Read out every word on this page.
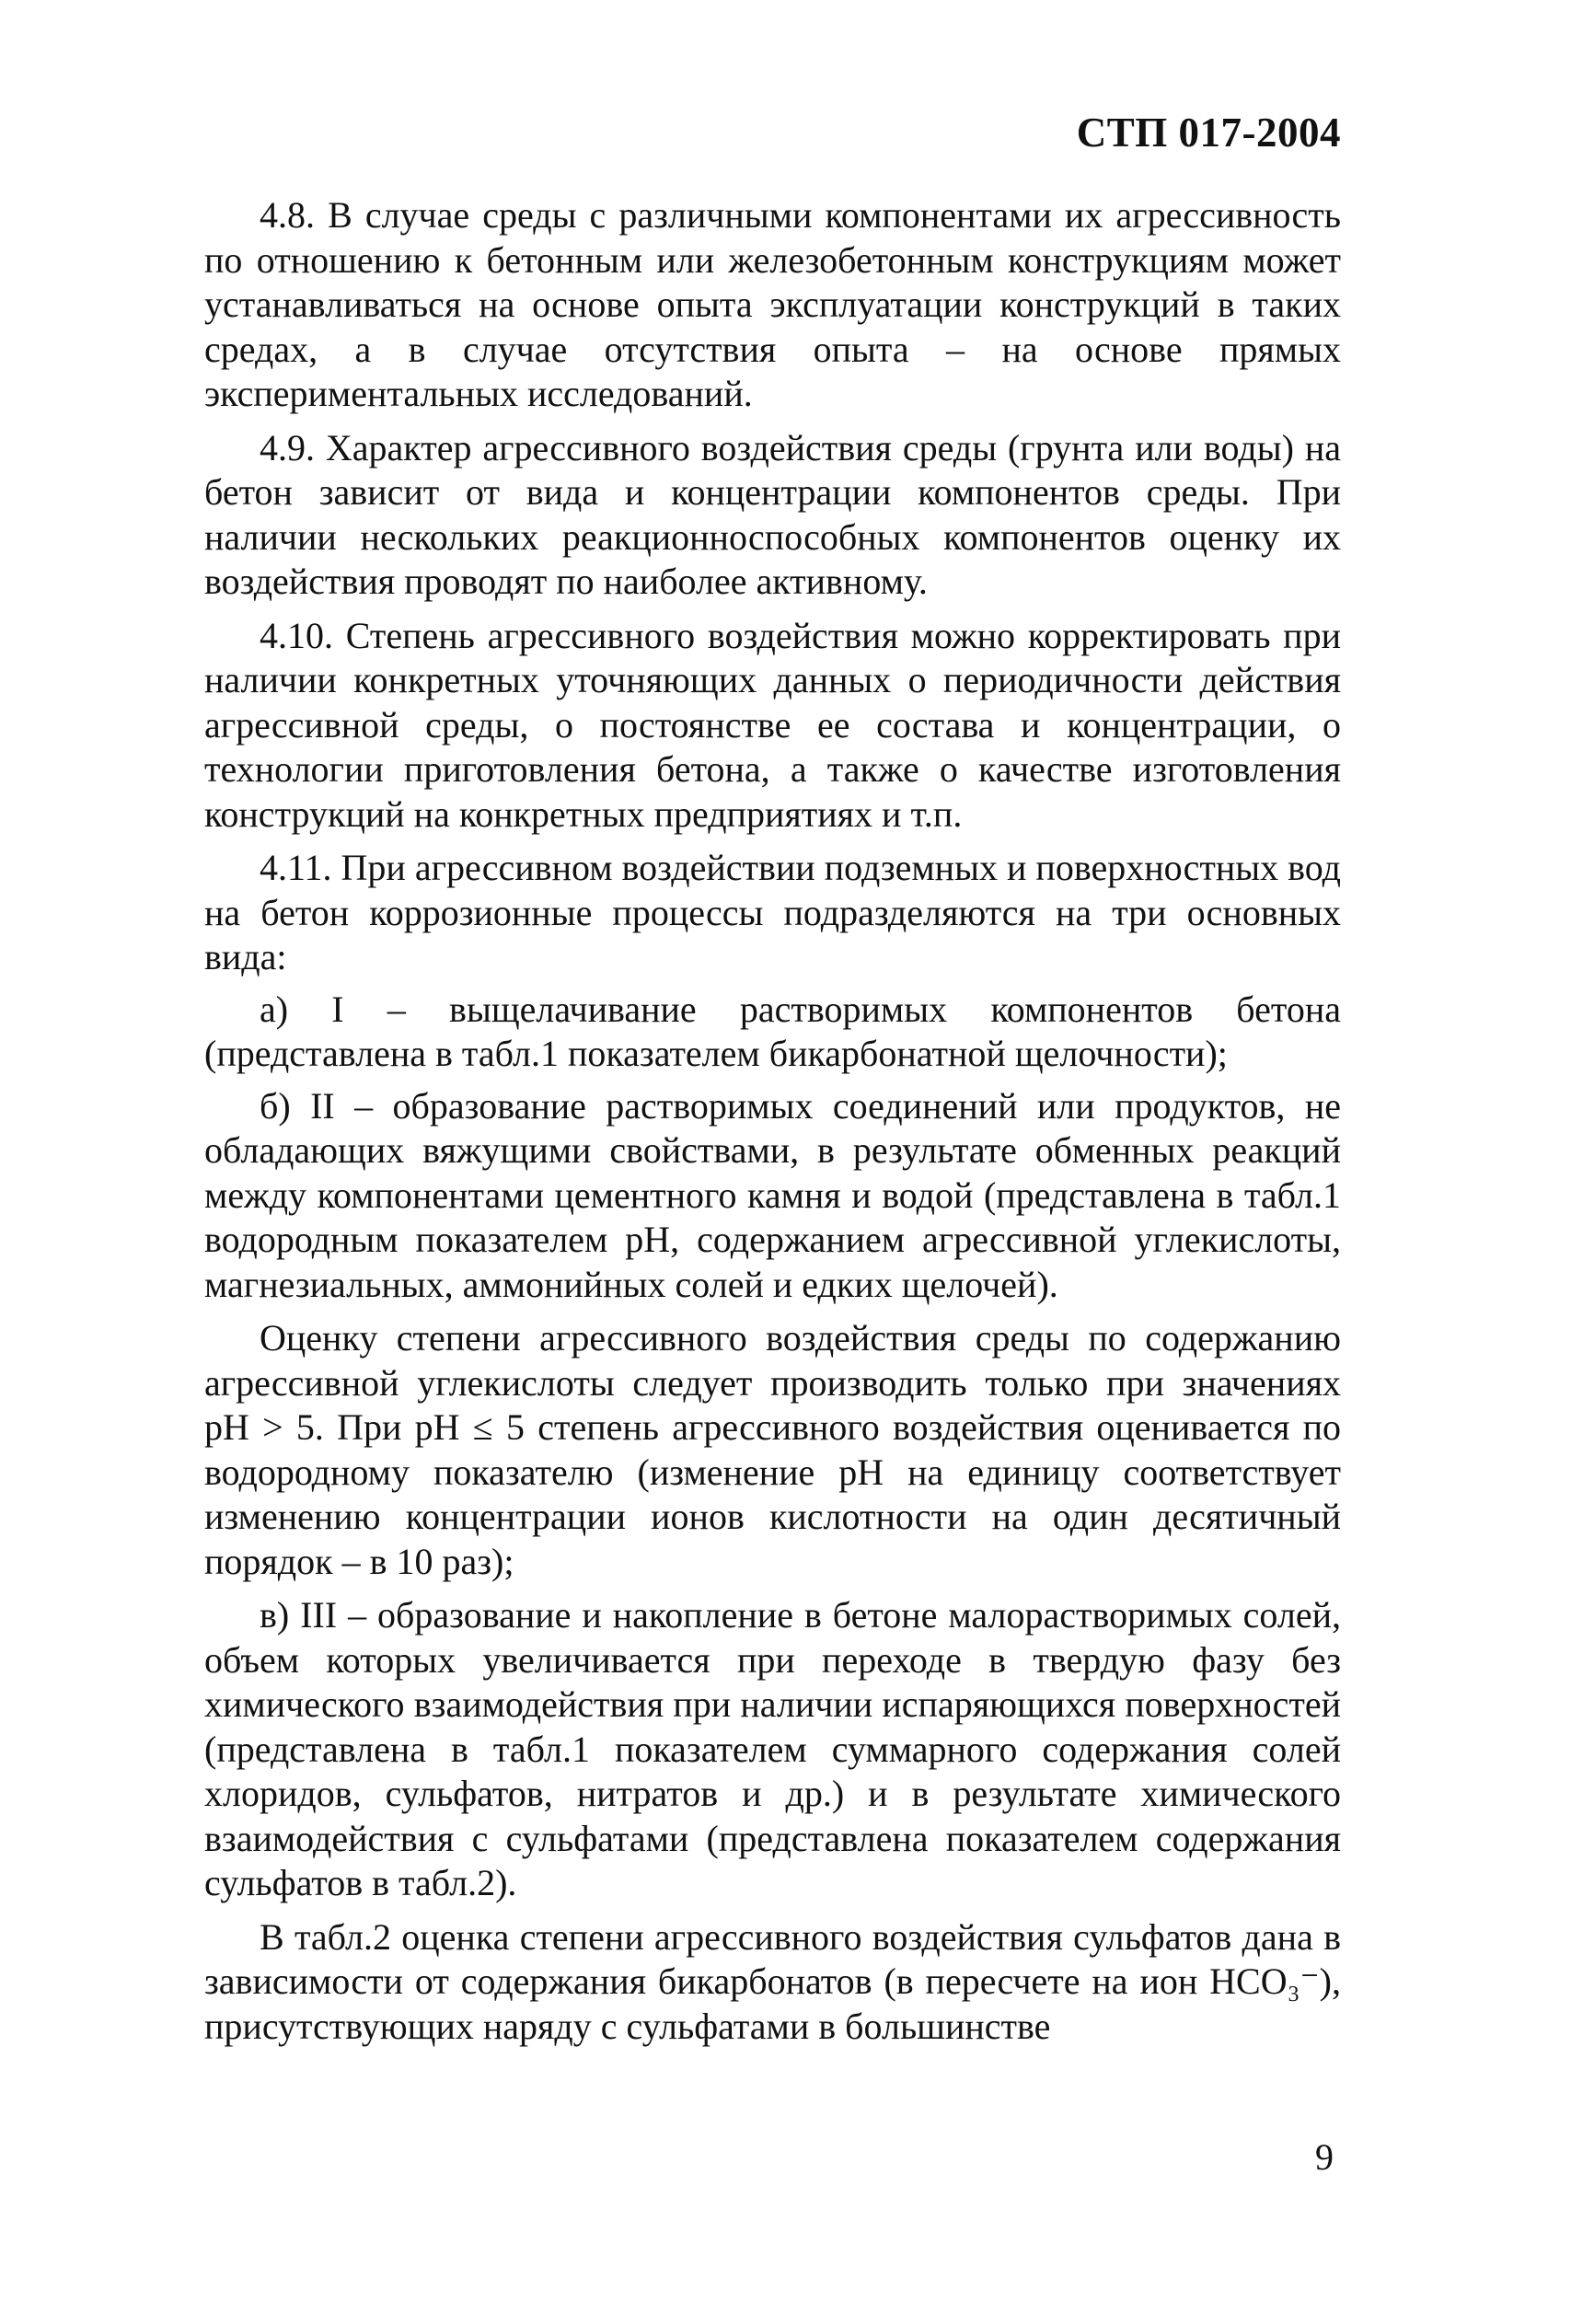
СТП 017-2004

4.8. В случае среды с различными компонентами их агрессивность по отношению к бетонным или железобетонным конструкциям может устанавливаться на основе опыта эксплуатации конструкций в таких средах, а в случае отсутствия опыта – на основе прямых экспериментальных исследований.

4.9. Характер агрессивного воздействия среды (грунта или воды) на бетон зависит от вида и концентрации компонентов среды. При наличии нескольких реакционноспособных компонентов оценку их воздействия проводят по наиболее активному.

4.10. Степень агрессивного воздействия можно корректировать при наличии конкретных уточняющих данных о периодичности действия агрессивной среды, о постоянстве ее состава и концентрации, о технологии приготовления бетона, а также о качестве изготовления конструкций на конкретных предприятиях и т.п.

4.11. При агрессивном воздействии подземных и поверхностных вод на бетон коррозионные процессы подразделяются на три основных вида:

а) I – выщелачивание растворимых компонентов бетона (представлена в табл.1 показателем бикарбонатной щелочности);

б) II – образование растворимых соединений или продуктов, не обладающих вяжущими свойствами, в результате обменных реакций между компонентами цементного камня и водой (представлена в табл.1 водородным показателем pH, содержанием агрессивной углекислоты, магнезиальных, аммонийных солей и едких щелочей).

Оценку степени агрессивного воздействия среды по содержанию агрессивной углекислоты следует производить только при значениях pH > 5. При pH ≤ 5 степень агрессивного воздействия оценивается по водородному показателю (изменение pH на единицу соответствует изменению концентрации ионов кислотности на один десятичный порядок – в 10 раз);

в) III – образование и накопление в бетоне малорастворимых солей, объем которых увеличивается при переходе в твердую фазу без химического взаимодействия при наличии испаряющихся поверхностей (представлена в табл.1 показателем суммарного содержания солей хлоридов, сульфатов, нитратов и др.) и в результате химического взаимодействия с сульфатами (представлена показателем содержания сульфатов в табл.2).

В табл.2 оценка степени агрессивного воздействия сульфатов дана в зависимости от содержания бикарбонатов (в пересчете на ион HCO₃⁻), присутствующих наряду с сульфатами в большинстве

9
